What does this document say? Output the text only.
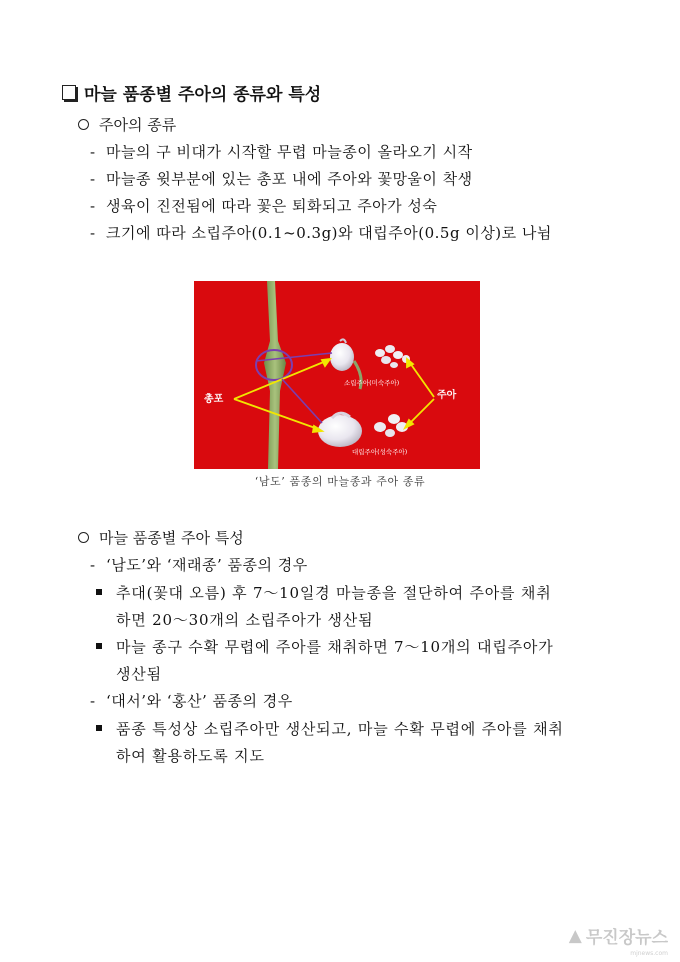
마늘 품종별 주아의 종류와 특성
주아의 종류
- 마늘의 구 비대가 시작할 무렵 마늘종이 올라오기 시작
- 마늘종 윗부분에 있는 총포 내에 주아와 꽃망울이 착생
- 생육이 진전됨에 따라 꽃은 퇴화되고 주아가 성숙
- 크기에 따라 소립주아(0.1~0.3g)와 대립주아(0.5g 이상)로 나뉨
총포	주아
소립주아(미숙주아)
대립주아(성숙주아)
‘남도’ 품종의 마늘종과 주아 종류
마늘 품종별 주아 특성
- ‘남도’와 ‘재래종’ 품종의 경우
추대(꽃대 오름) 후 7～10일경 마늘종을 절단하여 주아를 채취
하면 20～30개의 소립주아가 생산됨
마늘 종구 수확 무렵에 주아를 채취하면 7～10개의 대립주아가
생산됨
- ‘대서’와 ‘홍산’ 품종의 경우
품종 특성상 소립주아만 생산되고, 마늘 수확 무렵에 주아를 채취
하여 활용하도록 지도
▲ 무진장뉴스
mjnews.com
